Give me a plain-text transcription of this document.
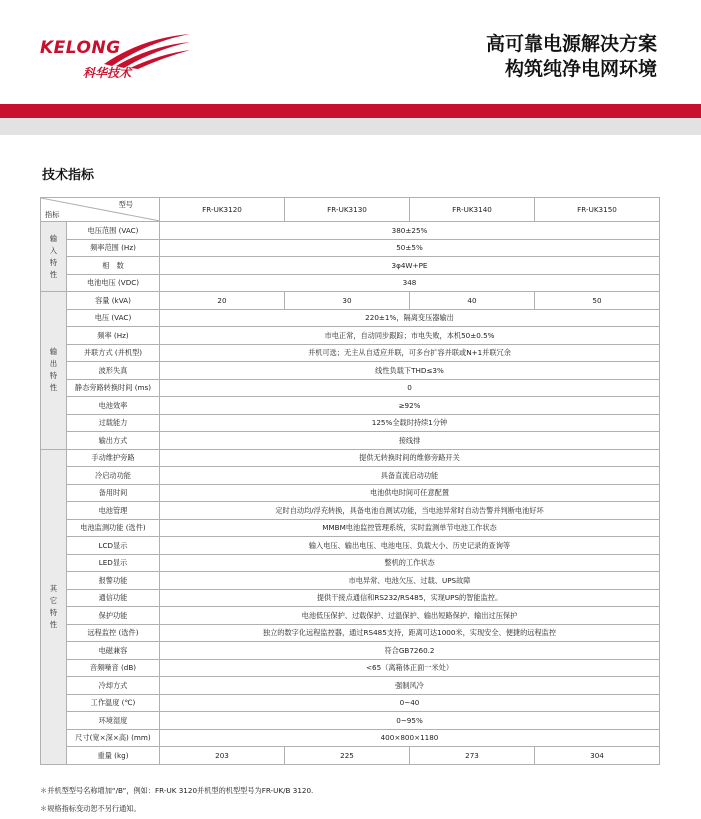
KELONG
科华技术
高可靠电源解决方案
构筑纯净电网环境
技术指标
型号
指标		FR-UK3120	FR-UK3130	FR-UK3140	FR-UK3150
输
入
特
性	电压范围 (VAC)	380±25%			
	频率范围 (Hz)	50±5%			
	相　数	3φ4W+PE			
	电池电压 (VDC)	348			
输
出
特
性	容量 (kVA)	20	30	40	50
	电压 (VAC)	220±1%，隔离变压器输出			
	频率 (Hz)	市电正常，自动同步跟踪；市电失败，本机50±0.5%			
	并联方式 (并机型)	并机可选；无主从自适应并联，可多台扩容并联或N+1并联冗余			
	波形失真	线性负载下THD≤3%			
	静态旁路转换时间 (ms)	0			
	电池效率	≥92%			
	过载能力	125%全载时持续1分钟			
	输出方式	接线排			
其
它
特
性	手动维护旁路	提供无转换时间的维修旁路开关			
	冷启动功能	具备直流启动功能			
	备用时间	电池供电时间可任意配置			
	电池管理	定时自动均/浮充转换，具备电池自测试功能，当电池异常时自动告警并判断电池好坏			
	电池监测功能 (选件)	MMBM电池监控管理系统，实时监测单节电池工作状态			
	LCD显示	输入电压、输出电压、电池电压、负载大小、历史记录的查询等			
	LED显示	整机的工作状态			
	报警功能	市电异常、电池欠压、过载、UPS故障			
	通信功能	提供干接点通信和RS232/RS485，实现UPS的智能监控。			
	保护功能	电池低压保护、过载保护、过温保护、输出短路保护、输出过压保护			
	远程监控 (选件)	独立的数字化远程监控器，通过RS485支持，距离可达1000米，实现安全、便捷的远程监控			
	电磁兼容	符合GB7260.2			
	音频噪音 (dB)	<65（离箱体正面一米处）			
	冷却方式	强制风冷			
	工作温度 (℃)	0~40			
	环境湿度	0~95%			
	尺寸(宽×深×高) (mm)	400×800×1180			
	重量 (kg)	203	225	273	304
＊并机型型号名称增加“/B”，例如：FR-UK 3120并机型的机型型号为FR-UK/B 3120.
＊规格指标变动恕不另行通知。
